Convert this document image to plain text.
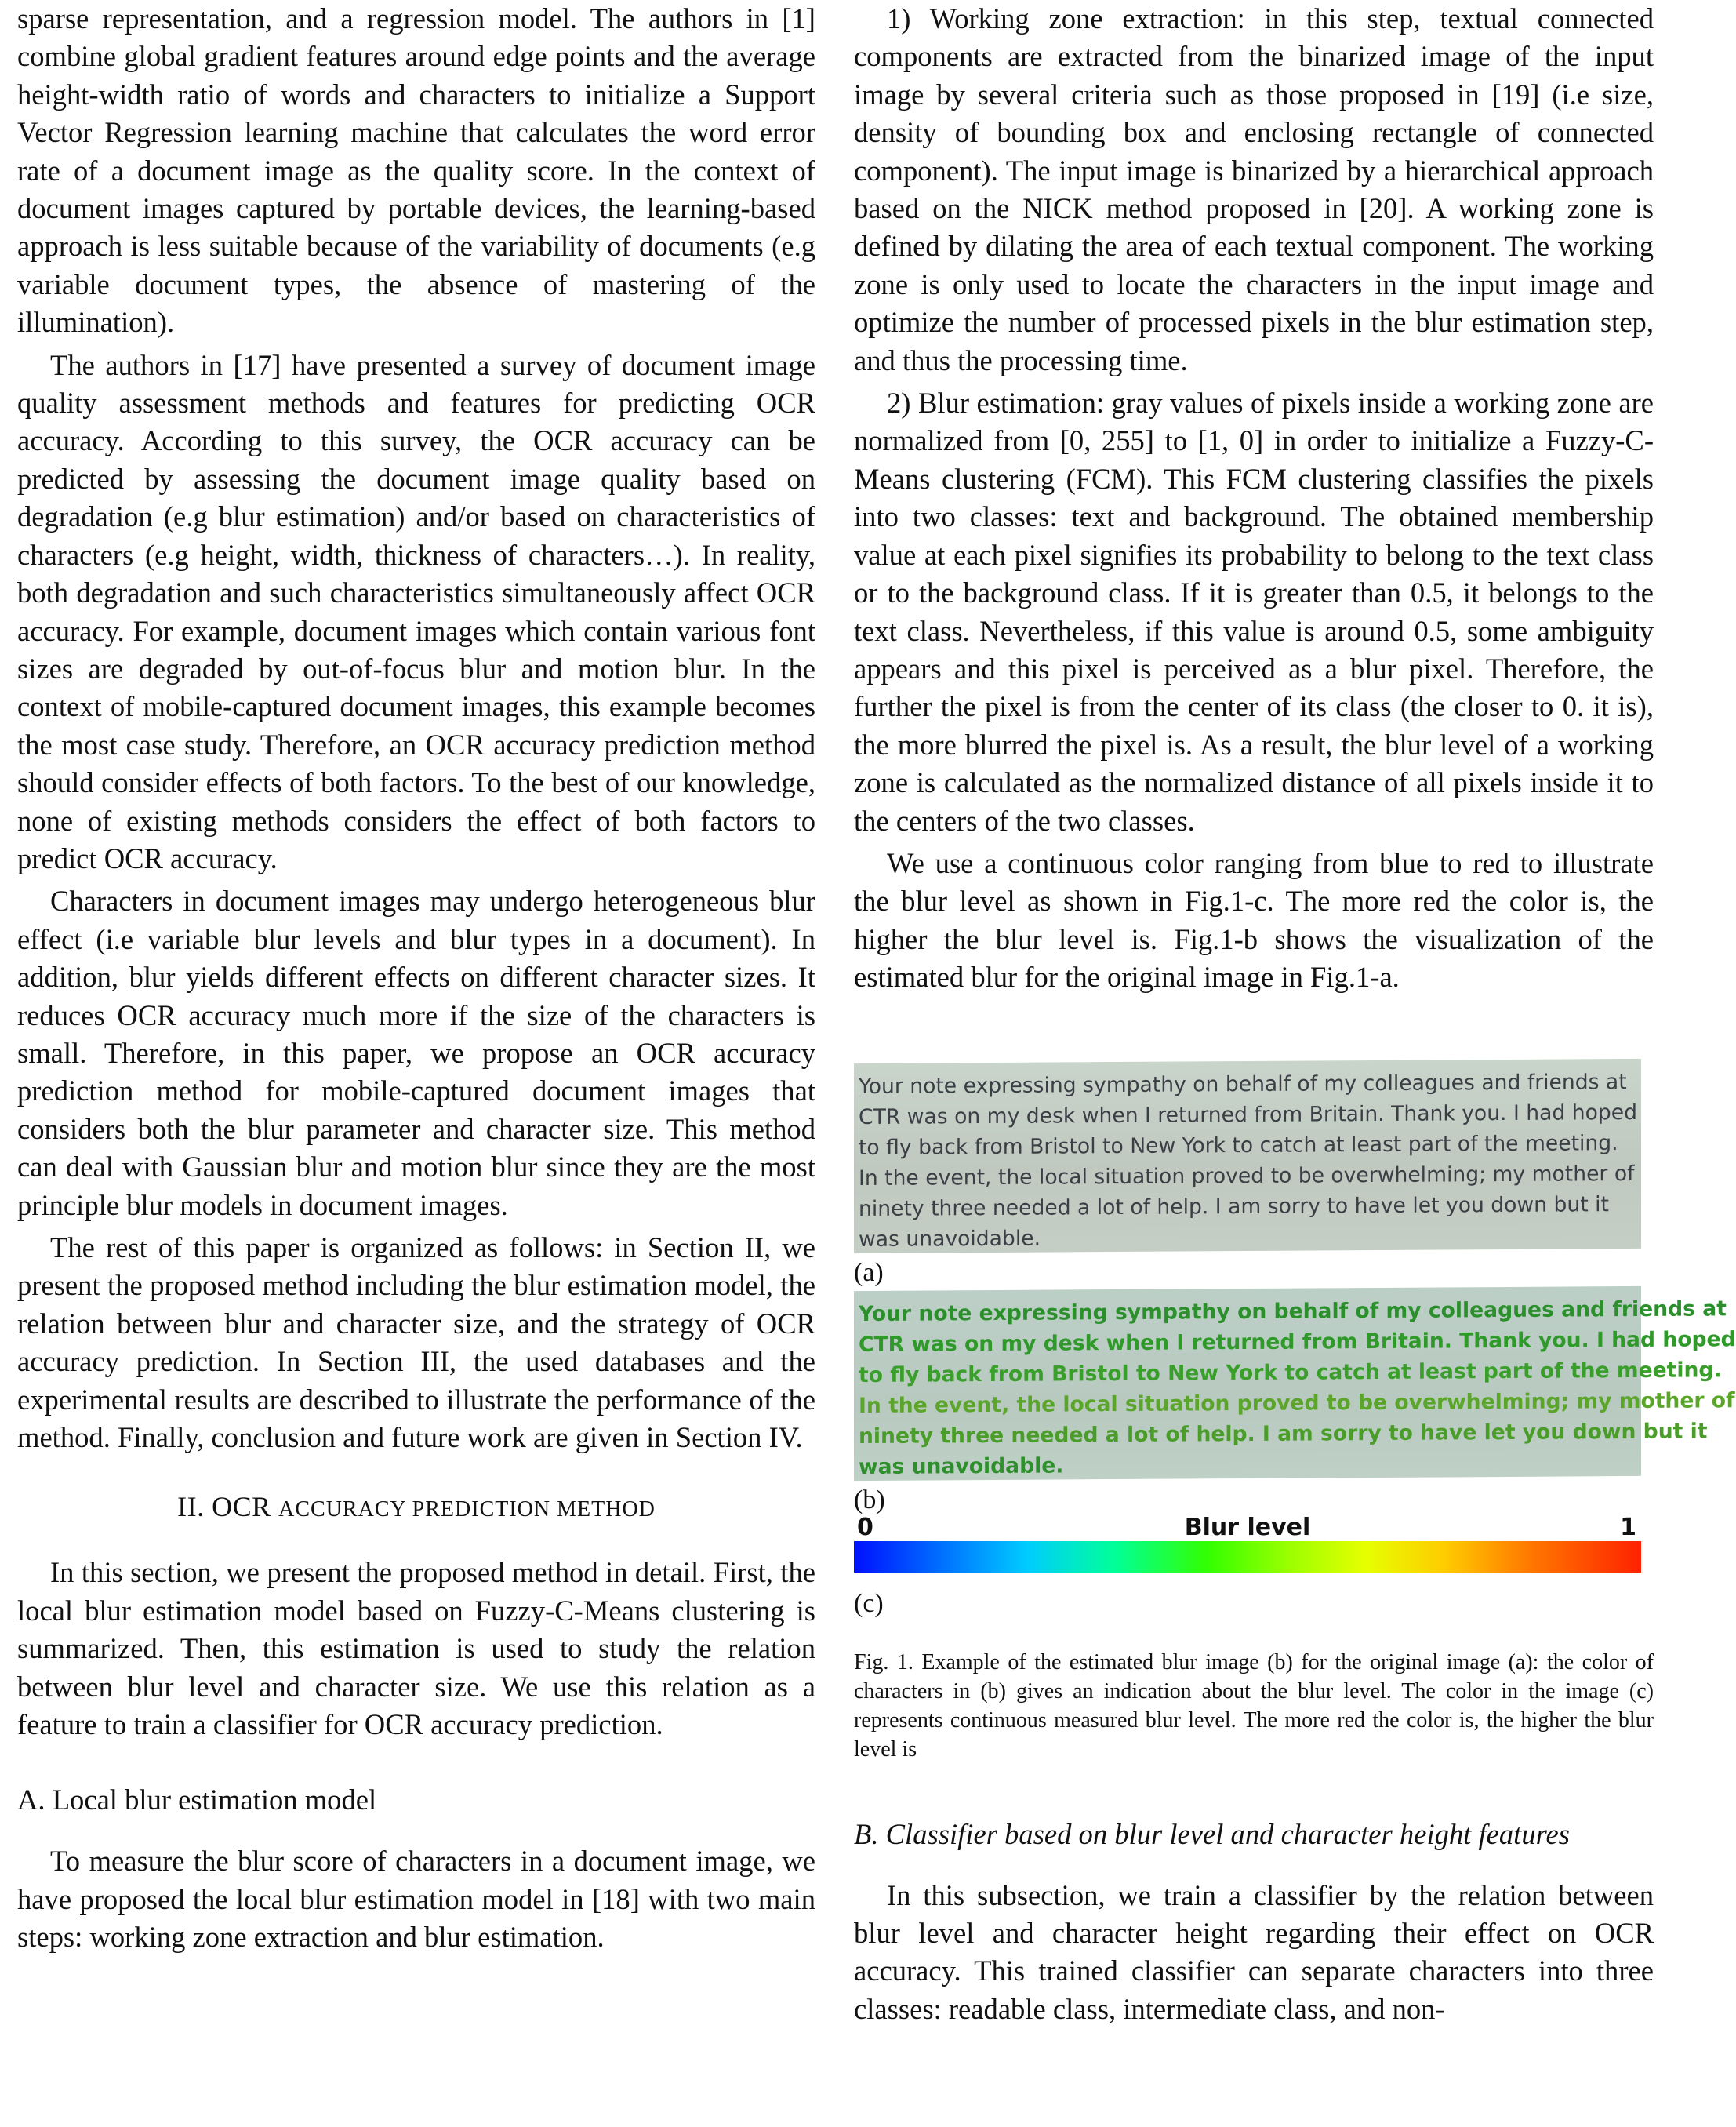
sparse representation, and a regression model. The authors in [1] combine global gradient features around edge points and the average height-width ratio of words and characters to initialize a Support Vector Regression learning machine that calculates the word error rate of a document image as the quality score. In the context of document images captured by portable devices, the learning-based approach is less suitable because of the variability of documents (e.g variable document types, the absence of mastering of the illumination).

The authors in [17] have presented a survey of document image quality assessment methods and features for predicting OCR accuracy. According to this survey, the OCR accuracy can be predicted by assessing the document image quality based on degradation (e.g blur estimation) and/or based on characteristics of characters (e.g height, width, thickness of characters…). In reality, both degradation and such characteristics simultaneously affect OCR accuracy. For example, document images which contain various font sizes are degraded by out-of-focus blur and motion blur. In the context of mobile-captured document images, this example becomes the most case study. Therefore, an OCR accuracy prediction method should consider effects of both factors. To the best of our knowledge, none of existing methods considers the effect of both factors to predict OCR accuracy.

Characters in document images may undergo heterogeneous blur effect (i.e variable blur levels and blur types in a document). In addition, blur yields different effects on different character sizes. It reduces OCR accuracy much more if the size of the characters is small. Therefore, in this paper, we propose an OCR accuracy prediction method for mobile-captured document images that considers both the blur parameter and character size. This method can deal with Gaussian blur and motion blur since they are the most principle blur models in document images.

The rest of this paper is organized as follows: in Section II, we present the proposed method including the blur estimation model, the relation between blur and character size, and the strategy of OCR accuracy prediction. In Section III, the used databases and the experimental results are described to illustrate the performance of the method. Finally, conclusion and future work are given in Section IV.

II. OCR ACCURACY PREDICTION METHOD

In this section, we present the proposed method in detail. First, the local blur estimation model based on Fuzzy-C-Means clustering is summarized. Then, this estimation is used to study the relation between blur level and character size. We use this relation as a feature to train a classifier for OCR accuracy prediction.

A. Local blur estimation model

To measure the blur score of characters in a document image, we have proposed the local blur estimation model in [18] with two main steps: working zone extraction and blur estimation.

1) Working zone extraction: in this step, textual connected components are extracted from the binarized image of the input image by several criteria such as those proposed in [19] (i.e size, density of bounding box and enclosing rectangle of connected component). The input image is binarized by a hierarchical approach based on the NICK method proposed in [20]. A working zone is defined by dilating the area of each textual component. The working zone is only used to locate the characters in the input image and optimize the number of processed pixels in the blur estimation step, and thus the processing time.

2) Blur estimation: gray values of pixels inside a working zone are normalized from [0, 255] to [1, 0] in order to initialize a Fuzzy-C-Means clustering (FCM). This FCM clustering classifies the pixels into two classes: text and background. The obtained membership value at each pixel signifies its probability to belong to the text class or to the background class. If it is greater than 0.5, it belongs to the text class. Nevertheless, if this value is around 0.5, some ambiguity appears and this pixel is perceived as a blur pixel. Therefore, the further the pixel is from the center of its class (the closer to 0. it is), the more blurred the pixel is. As a result, the blur level of a working zone is calculated as the normalized distance of all pixels inside it to the centers of the two classes.

We use a continuous color ranging from blue to red to illustrate the blur level as shown in Fig.1-c. The more red the color is, the higher the blur level is. Fig.1-b shows the visualization of the estimated blur for the original image in Fig.1-a.

Your note expressing sympathy on behalf of my colleagues and friends at
CTR was on my desk when I returned from Britain. Thank you. I had hoped
to fly back from Bristol to New York to catch at least part of the meeting.
In the event, the local situation proved to be overwhelming; my mother of
ninety three needed a lot of help. I am sorry to have let you down but it
was unavoidable.
(a)
Your note expressing sympathy on behalf of my colleagues and friends at
CTR was on my desk when I returned from Britain. Thank you. I had hoped
to fly back from Bristol to New York to catch at least part of the meeting.
In the event, the local situation proved to be overwhelming; my mother of
ninety three needed a lot of help. I am sorry to have let you down but it
was unavoidable.
(b)
0	Blur level	1
(c)

Fig. 1. Example of the estimated blur image (b) for the original image (a): the color of characters in (b) gives an indication about the blur level. The color in the image (c) represents continuous measured blur level. The more red the color is, the higher the blur level is

B. Classifier based on blur level and character height features

In this subsection, we train a classifier by the relation between blur level and character height regarding their effect on OCR accuracy. This trained classifier can separate characters into three classes: readable class, intermediate class, and non-
